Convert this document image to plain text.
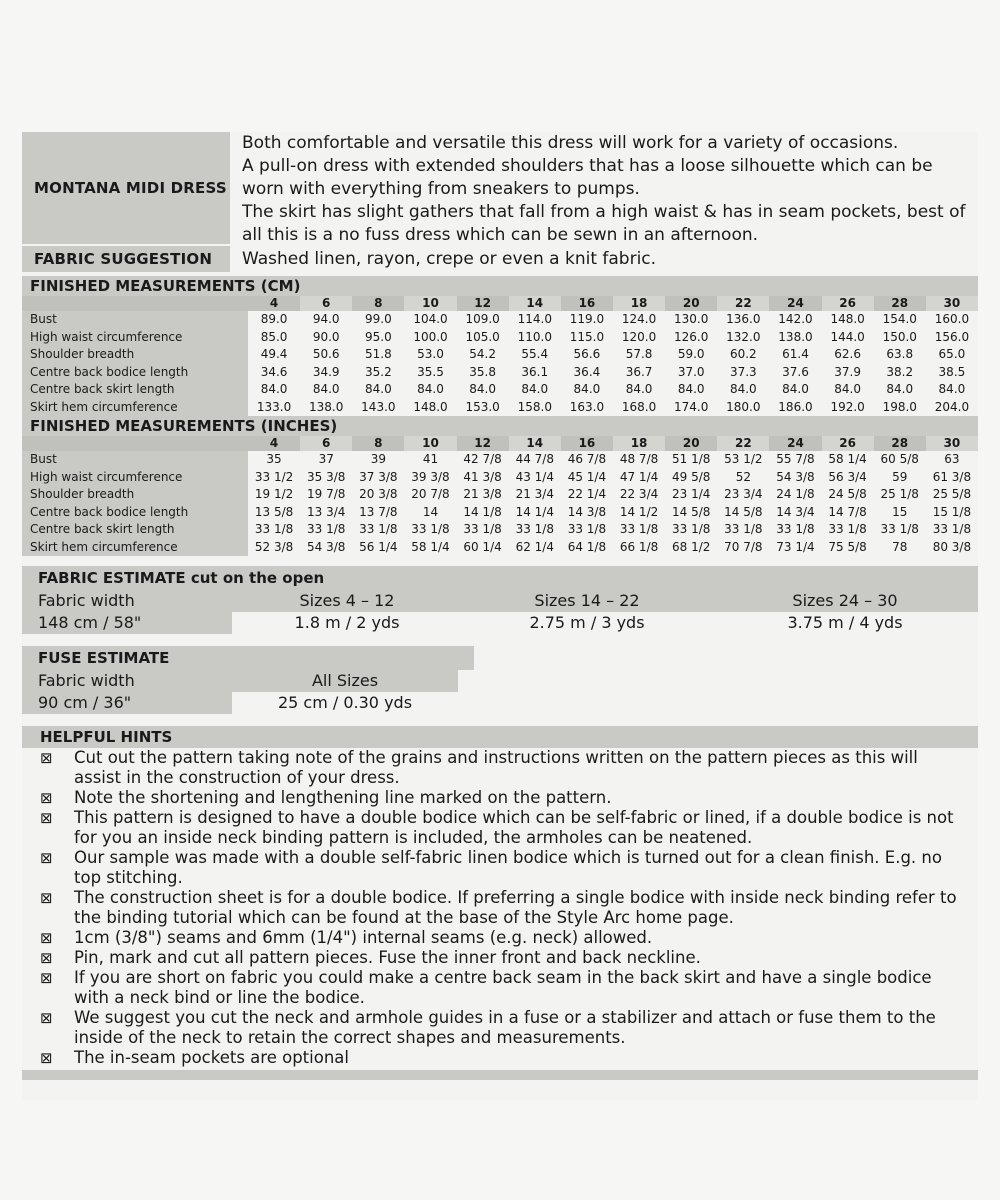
MONTANA MIDI DRESS
Both comfortable and versatile this dress will work for a variety of occasions.
A pull-on dress with extended shoulders that has a loose silhouette which can be
worn with everything from sneakers to pumps.
The skirt has slight gathers that fall from a high waist & has in seam pockets, best of
all this is a no fuss dress which can be sewn in an afternoon.
FABRIC SUGGESTION	Washed linen, rayon, crepe or even a knit fabric.
FINISHED MEASUREMENTS (CM)
	4	6	8	10	12	14	16	18	20	22	24	26	28	30
Bust	89.0	94.0	99.0	104.0	109.0	114.0	119.0	124.0	130.0	136.0	142.0	148.0	154.0	160.0
High waist circumference	85.0	90.0	95.0	100.0	105.0	110.0	115.0	120.0	126.0	132.0	138.0	144.0	150.0	156.0
Shoulder breadth	49.4	50.6	51.8	53.0	54.2	55.4	56.6	57.8	59.0	60.2	61.4	62.6	63.8	65.0
Centre back bodice length	34.6	34.9	35.2	35.5	35.8	36.1	36.4	36.7	37.0	37.3	37.6	37.9	38.2	38.5
Centre back skirt length	84.0	84.0	84.0	84.0	84.0	84.0	84.0	84.0	84.0	84.0	84.0	84.0	84.0	84.0
Skirt hem circumference	133.0	138.0	143.0	148.0	153.0	158.0	163.0	168.0	174.0	180.0	186.0	192.0	198.0	204.0
FINISHED MEASUREMENTS (INCHES)
	4	6	8	10	12	14	16	18	20	22	24	26	28	30
Bust	35	37	39	41	42 7/8	44 7/8	46 7/8	48 7/8	51 1/8	53 1/2	55 7/8	58 1/4	60 5/8	63
High waist circumference	33 1/2	35 3/8	37 3/8	39 3/8	41 3/8	43 1/4	45 1/4	47 1/4	49 5/8	52	54 3/8	56 3/4	59	61 3/8
Shoulder breadth	19 1/2	19 7/8	20 3/8	20 7/8	21 3/8	21 3/4	22 1/4	22 3/4	23 1/4	23 3/4	24 1/8	24 5/8	25 1/8	25 5/8
Centre back bodice length	13 5/8	13 3/4	13 7/8	14	14 1/8	14 1/4	14 3/8	14 1/2	14 5/8	14 5/8	14 3/4	14 7/8	15	15 1/8
Centre back skirt length	33 1/8	33 1/8	33 1/8	33 1/8	33 1/8	33 1/8	33 1/8	33 1/8	33 1/8	33 1/8	33 1/8	33 1/8	33 1/8	33 1/8
Skirt hem circumference	52 3/8	54 3/8	56 1/4	58 1/4	60 1/4	62 1/4	64 1/8	66 1/8	68 1/2	70 7/8	73 1/4	75 5/8	78	80 3/8
FABRIC ESTIMATE cut on the open
Fabric width	Sizes 4 – 12	Sizes 14 – 22	Sizes 24 – 30
148 cm / 58"	1.8 m / 2 yds	2.75 m / 3 yds	3.75 m / 4 yds
FUSE ESTIMATE
Fabric width	All Sizes
90 cm / 36"	25 cm / 0.30 yds
HELPFUL HINTS
⊠	Cut out the pattern taking note of the grains and instructions written on the pattern pieces as this will assist in the construction of your dress.
⊠	Note the shortening and lengthening line marked on the pattern.
⊠	This pattern is designed to have a double bodice which can be self-fabric or lined, if a double bodice is not for you an inside neck binding pattern is included, the armholes can be neatened.
⊠	Our sample was made with a double self-fabric linen bodice which is turned out for a clean finish. E.g. no top stitching.
⊠	The construction sheet is for a double bodice. If preferring a single bodice with inside neck binding refer to the binding tutorial which can be found at the base of the Style Arc home page.
⊠	1cm (3/8") seams and 6mm (1/4") internal seams (e.g. neck) allowed.
⊠	Pin, mark and cut all pattern pieces. Fuse the inner front and back neckline.
⊠	If you are short on fabric you could make a centre back seam in the back skirt and have a single bodice with a neck bind or line the bodice.
⊠	We suggest you cut the neck and armhole guides in a fuse or a stabilizer and attach or fuse them to the inside of the neck to retain the correct shapes and measurements.
⊠	The in-seam pockets are optional
